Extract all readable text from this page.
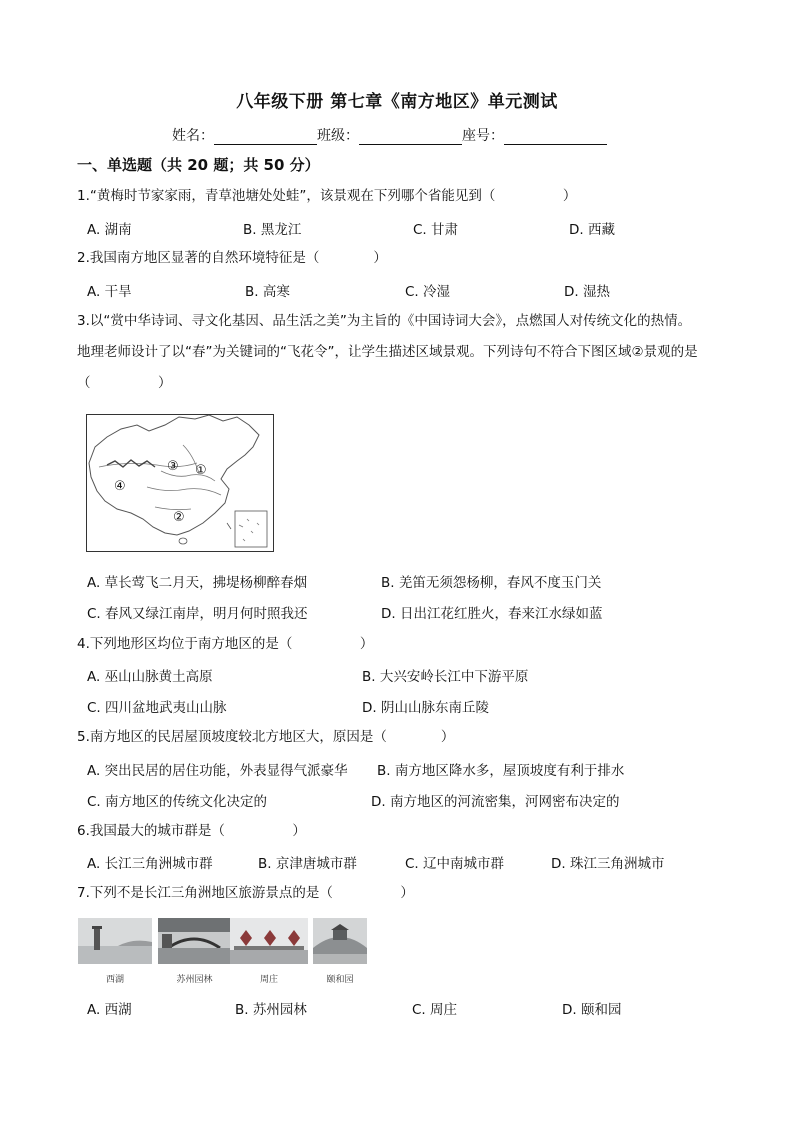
八年级下册 第七章《南方地区》单元测试
姓名：	班级：	座号：
一、单选题（共 20 题；共 50 分）
1.“黄梅时节家家雨，青草池塘处处蛙”，该景观在下列哪个省能见到（　　　　　）
A. 湖南	B. 黑龙江	C. 甘肃	D. 西藏
2.我国南方地区显著的自然环境特征是（　　　　）
A. 干旱	B. 高寒	C. 冷湿	D. 湿热
3.以“赏中华诗词、寻文化基因、品生活之美”为主旨的《中国诗词大会》，点燃国人对传统文化的热情。
地理老师设计了以“春”为关键词的“飞花令”，让学生描述区域景观。下列诗句不符合下图区域②景观的是
（　　　　　）
③ ①
④
②
A. 草长莺飞二月天，拂堤杨柳醉春烟	B. 羌笛无须怨杨柳，春风不度玉门关
C. 春风又绿江南岸，明月何时照我还	D. 日出江花红胜火，春来江水绿如蓝
4.下列地形区均位于南方地区的是（　　　　　）
A. 巫山山脉黄土高原	B. 大兴安岭长江中下游平原
C. 四川盆地武夷山山脉	D. 阴山山脉东南丘陵
5.南方地区的民居屋顶坡度较北方地区大，原因是（　　　　）
A. 突出民居的居住功能，外表显得气派豪华 B. 南方地区降水多，屋顶坡度有利于排水
C. 南方地区的传统文化决定的	D. 南方地区的河流密集，河网密布决定的
6.我国最大的城市群是（　　　　　）
A. 长江三角洲城市群	B. 京津唐城市群	C. 辽中南城市群	D. 珠江三角洲城市
7.下列不是长江三角洲地区旅游景点的是（　　　　　）
西湖	苏州园林	周庄	颐和园
A. 西湖	B. 苏州园林	C. 周庄	D. 颐和园
